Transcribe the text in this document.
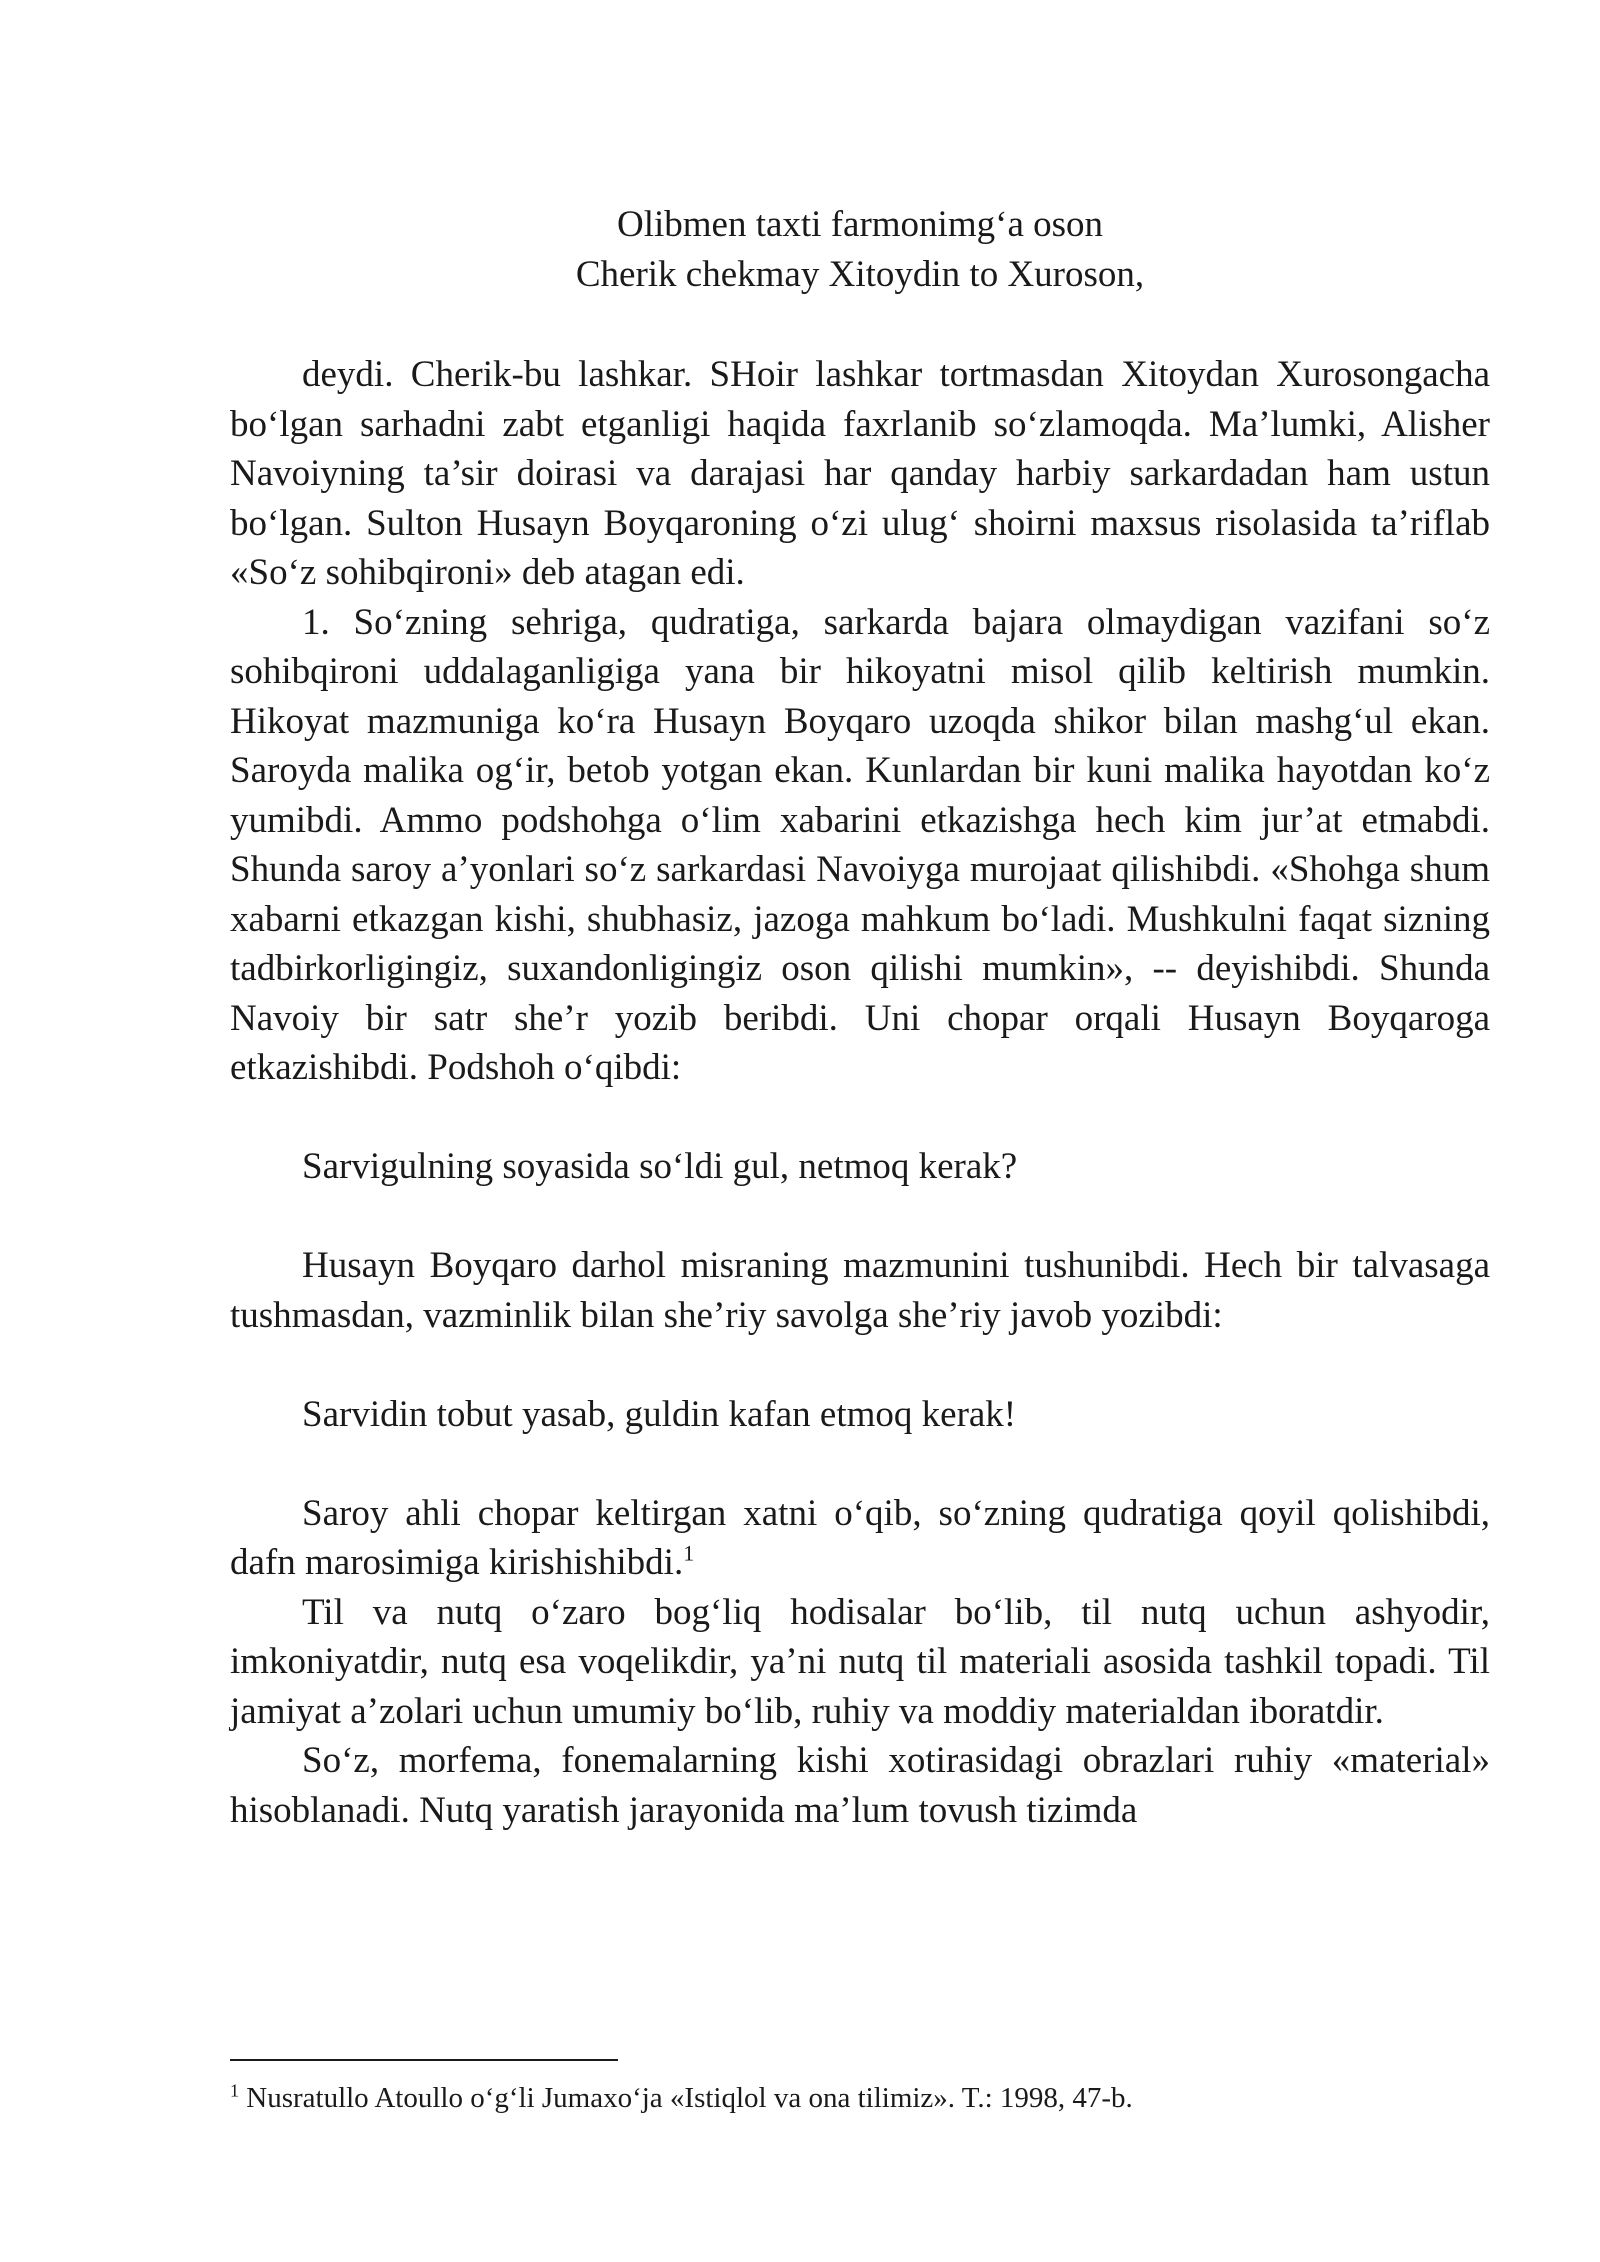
Olibmen taxti farmonimg‘a oson
Cherik chekmay Xitoydin to Xuroson,

deydi. Cherik-bu lashkar. SHoir lashkar tortmasdan Xitoydan Xurosongacha bo‘lgan sarhadni zabt etganligi haqida faxrlanib so‘zlamoqda. Ma’lumki, Alisher Navoiyning ta’sir doirasi va darajasi har qanday harbiy sarkardadan ham ustun bo‘lgan. Sulton Husayn Boyqaroning o‘zi ulug‘ shoirni maxsus risolasida ta’riflab «So‘z sohibqironi» deb atagan edi.

1. So‘zning sehriga, qudratiga, sarkarda bajara olmaydigan vazifani so‘z sohibqironi uddalaganligiga yana bir hikoyatni misol qilib keltirish mumkin. Hikoyat mazmuniga ko‘ra Husayn Boyqaro uzoqda shikor bilan mashg‘ul ekan. Saroyda malika og‘ir, betob yotgan ekan. Kunlardan bir kuni malika hayotdan ko‘z yumibdi. Ammo podshohga o‘lim xabarini etkazishga hech kim jur’at etmabdi. Shunda saroy a’yonlari so‘z sarkardasi Navoiyga murojaat qilishibdi. «Shohga shum xabarni etkazgan kishi, shubhasiz, jazoga mahkum bo‘ladi. Mushkulni faqat sizning tadbirkorligingiz, suxandonligingiz oson qilishi mumkin», -- deyishibdi. Shunda Navoiy bir satr she’r yozib beribdi. Uni chopar orqali Husayn Boyqaroga etkazishibdi. Podshoh o‘qibdi:

Sarvigulning soyasida so‘ldi gul, netmoq kerak?

Husayn Boyqaro darhol misraning mazmunini tushunibdi. Hech bir talvasaga tushmasdan, vazminlik bilan she’riy savolga she’riy javob yozibdi:

Sarvidin tobut yasab, guldin kafan etmoq kerak!

Saroy ahli chopar keltirgan xatni o‘qib, so‘zning qudratiga qoyil qolishibdi, dafn marosimiga kirishishibdi.$^1$

Til va nutq o‘zaro bog‘liq hodisalar bo‘lib, til nutq uchun ashyodir, imkoniyatdir, nutq esa voqelikdir, ya’ni nutq til materiali asosida tashkil topadi. Til jamiyat a’zolari uchun umumiy bo‘lib, ruhiy va moddiy materialdan iboratdir.

So‘z, morfema, fonemalarning kishi xotirasidagi obrazlari ruhiy «material» hisoblanadi. Nutq yaratish jarayonida ma’lum tovush tizimda

$^1$ Nusratullo Atoullo o‘g‘li Jumaxo‘ja «Istiqlol va ona tilimiz». T.: 1998, 47-b.
